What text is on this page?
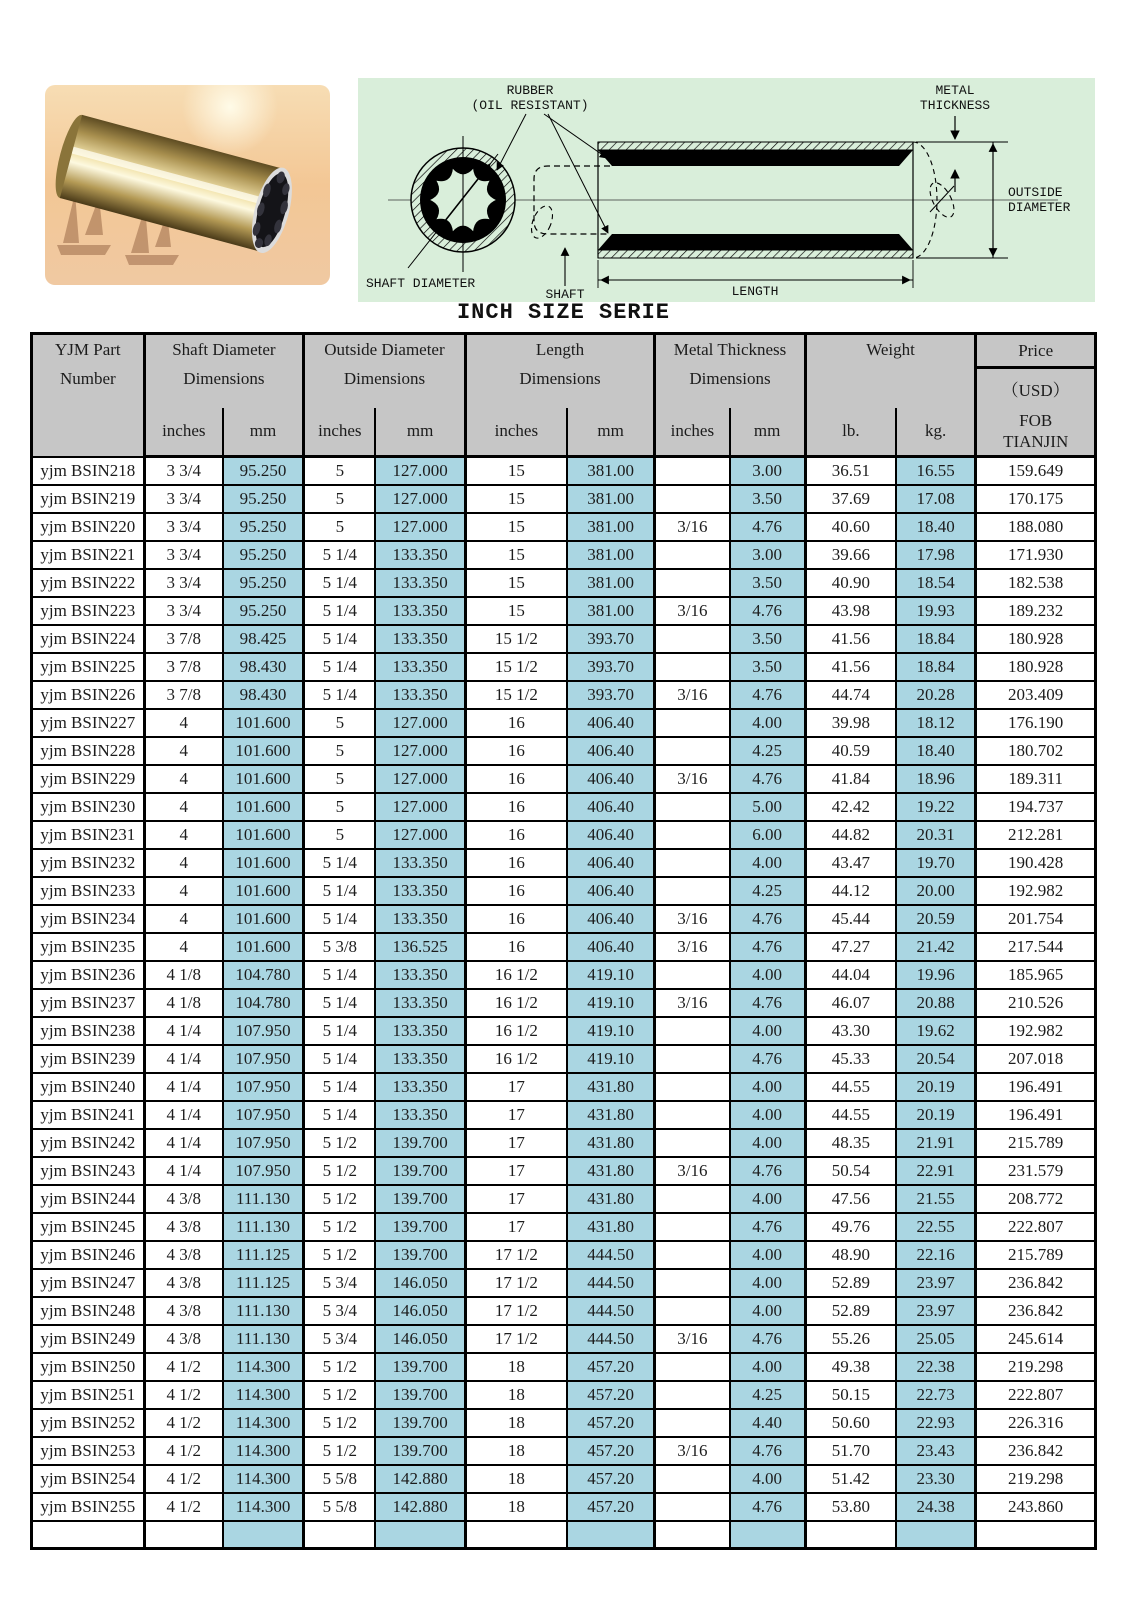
RUBBER
(OIL RESISTANT)
METAL
THICKNESS
OUTSIDE
DIAMETER
LENGTH
SHAFT
SHAFT DIAMETER
INCH SIZE SERIE
YJM Part
Number

Shaft Diameter
Dimensions

Outside Diameter
Dimensions

Length
Dimensions

Metal Thickness
Dimensions

Weight	Price
											（USD）
	inches	mm	inches	mm	inches	mm	inches	mm	lb.	kg.	FOB
TIANJIN

yjm BSIN218	3 3/4	95.250	5	127.000	15	381.00		3.00	36.51	16.55	159.649
yjm BSIN219	3 3/4	95.250	5	127.000	15	381.00		3.50	37.69	17.08	170.175
yjm BSIN220	3 3/4	95.250	5	127.000	15	381.00	3/16	4.76	40.60	18.40	188.080
yjm BSIN221	3 3/4	95.250	5 1/4	133.350	15	381.00		3.00	39.66	17.98	171.930
yjm BSIN222	3 3/4	95.250	5 1/4	133.350	15	381.00		3.50	40.90	18.54	182.538
yjm BSIN223	3 3/4	95.250	5 1/4	133.350	15	381.00	3/16	4.76	43.98	19.93	189.232
yjm BSIN224	3 7/8	98.425	5 1/4	133.350	15 1/2	393.70		3.50	41.56	18.84	180.928
yjm BSIN225	3 7/8	98.430	5 1/4	133.350	15 1/2	393.70		3.50	41.56	18.84	180.928
yjm BSIN226	3 7/8	98.430	5 1/4	133.350	15 1/2	393.70	3/16	4.76	44.74	20.28	203.409
yjm BSIN227	4	101.600	5	127.000	16	406.40		4.00	39.98	18.12	176.190
yjm BSIN228	4	101.600	5	127.000	16	406.40		4.25	40.59	18.40	180.702
yjm BSIN229	4	101.600	5	127.000	16	406.40	3/16	4.76	41.84	18.96	189.311
yjm BSIN230	4	101.600	5	127.000	16	406.40		5.00	42.42	19.22	194.737
yjm BSIN231	4	101.600	5	127.000	16	406.40		6.00	44.82	20.31	212.281
yjm BSIN232	4	101.600	5 1/4	133.350	16	406.40		4.00	43.47	19.70	190.428
yjm BSIN233	4	101.600	5 1/4	133.350	16	406.40		4.25	44.12	20.00	192.982
yjm BSIN234	4	101.600	5 1/4	133.350	16	406.40	3/16	4.76	45.44	20.59	201.754
yjm BSIN235	4	101.600	5 3/8	136.525	16	406.40	3/16	4.76	47.27	21.42	217.544
yjm BSIN236	4 1/8	104.780	5 1/4	133.350	16 1/2	419.10		4.00	44.04	19.96	185.965
yjm BSIN237	4 1/8	104.780	5 1/4	133.350	16 1/2	419.10	3/16	4.76	46.07	20.88	210.526
yjm BSIN238	4 1/4	107.950	5 1/4	133.350	16 1/2	419.10		4.00	43.30	19.62	192.982
yjm BSIN239	4 1/4	107.950	5 1/4	133.350	16 1/2	419.10		4.76	45.33	20.54	207.018
yjm BSIN240	4 1/4	107.950	5 1/4	133.350	17	431.80		4.00	44.55	20.19	196.491
yjm BSIN241	4 1/4	107.950	5 1/4	133.350	17	431.80		4.00	44.55	20.19	196.491
yjm BSIN242	4 1/4	107.950	5 1/2	139.700	17	431.80		4.00	48.35	21.91	215.789
yjm BSIN243	4 1/4	107.950	5 1/2	139.700	17	431.80	3/16	4.76	50.54	22.91	231.579
yjm BSIN244	4 3/8	111.130	5 1/2	139.700	17	431.80		4.00	47.56	21.55	208.772
yjm BSIN245	4 3/8	111.130	5 1/2	139.700	17	431.80		4.76	49.76	22.55	222.807
yjm BSIN246	4 3/8	111.125	5 1/2	139.700	17 1/2	444.50		4.00	48.90	22.16	215.789
yjm BSIN247	4 3/8	111.125	5 3/4	146.050	17 1/2	444.50		4.00	52.89	23.97	236.842
yjm BSIN248	4 3/8	111.130	5 3/4	146.050	17 1/2	444.50		4.00	52.89	23.97	236.842
yjm BSIN249	4 3/8	111.130	5 3/4	146.050	17 1/2	444.50	3/16	4.76	55.26	25.05	245.614
yjm BSIN250	4 1/2	114.300	5 1/2	139.700	18	457.20		4.00	49.38	22.38	219.298
yjm BSIN251	4 1/2	114.300	5 1/2	139.700	18	457.20		4.25	50.15	22.73	222.807
yjm BSIN252	4 1/2	114.300	5 1/2	139.700	18	457.20		4.40	50.60	22.93	226.316
yjm BSIN253	4 1/2	114.300	5 1/2	139.700	18	457.20	3/16	4.76	51.70	23.43	236.842
yjm BSIN254	4 1/2	114.300	5 5/8	142.880	18	457.20		4.00	51.42	23.30	219.298
yjm BSIN255	4 1/2	114.300	5 5/8	142.880	18	457.20		4.76	53.80	24.38	243.860
